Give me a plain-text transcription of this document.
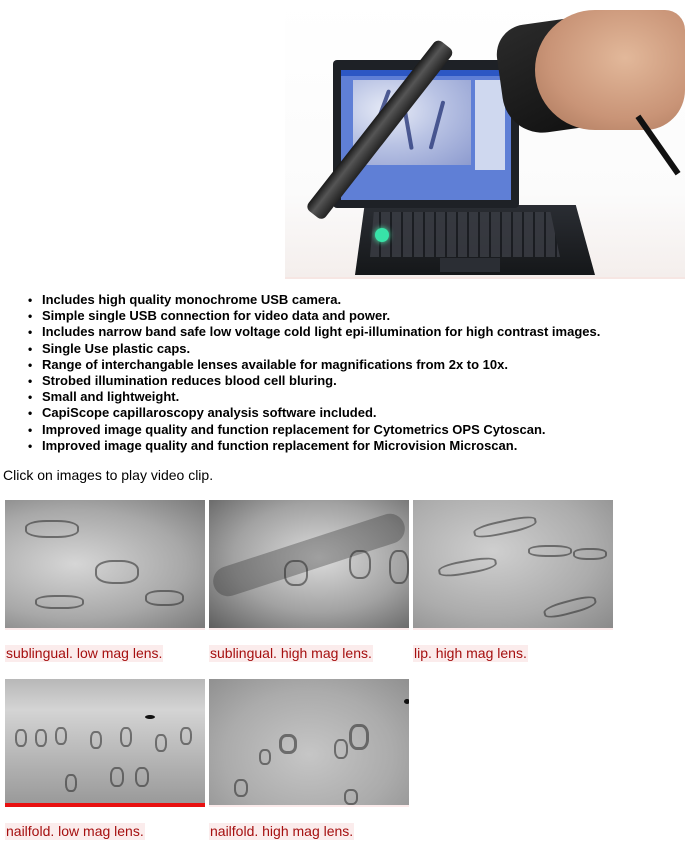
• Includes high quality monochrome USB camera.
• Simple single USB connection for video data and power.
• Includes narrow band safe low voltage cold light epi-illumination for high contrast images.
• Single Use plastic caps.
• Range of interchangable lenses available for magnifications from 2x to 10x.
• Strobed illumination reduces blood cell bluring.
• Small and lightweight.
• CapiScope capillaroscopy analysis software included.
• Improved image quality and function replacement for Cytometrics OPS Cytoscan.
• Improved image quality and function replacement for Microvision Microscan.
Click on images to play video clip.
sublingual. low mag lens.	sublingual. high mag lens.	lip. high mag lens.
nailfold. low mag lens.	nailfold. high mag lens.
